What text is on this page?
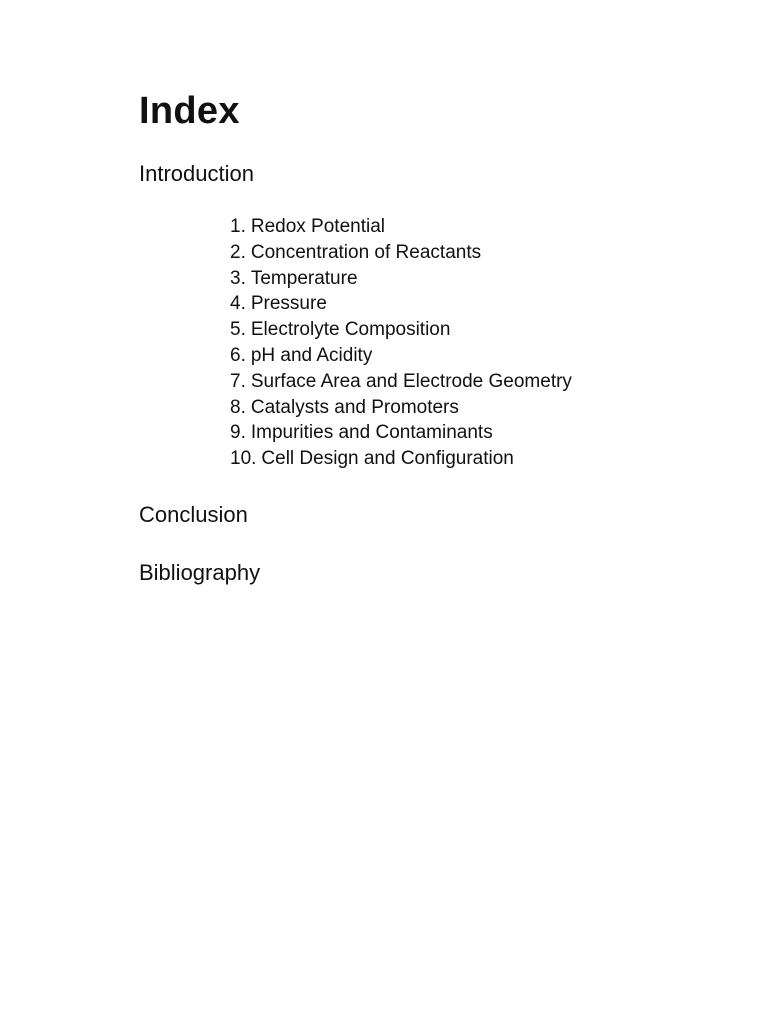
Index
Introduction
1. Redox Potential
2. Concentration of Reactants
3. Temperature
4. Pressure
5. Electrolyte Composition
6. pH and Acidity
7. Surface Area and Electrode Geometry
8. Catalysts and Promoters
9. Impurities and Contaminants
10. Cell Design and Configuration
Conclusion
Bibliography
